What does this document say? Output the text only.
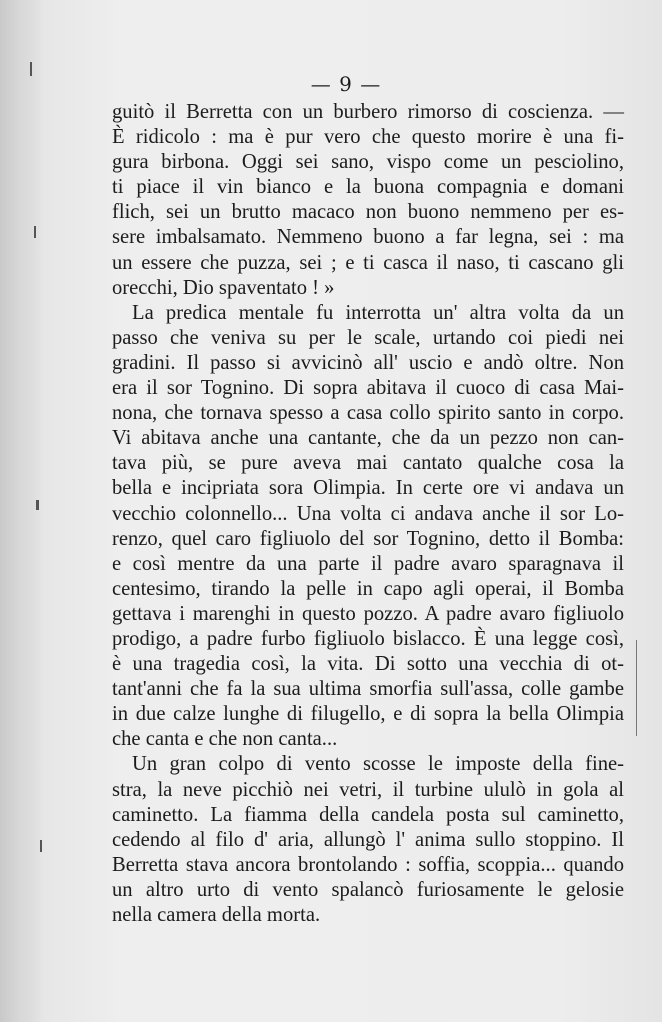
— 9 —
guitò il Berretta con un burbero rimorso di coscienza. —
È ridicolo : ma è pur vero che questo morire è una fi-
gura birbona. Oggi sei sano, vispo come un pesciolino,
ti piace il vin bianco e la buona compagnia e domani
flich, sei un brutto macaco non buono nemmeno per es-
sere imbalsamato. Nemmeno buono a far legna, sei : ma
un essere che puzza, sei ; e ti casca il naso, ti cascano gli
orecchi, Dio spaventato ! »
La predica mentale fu interrotta un' altra volta da un
passo che veniva su per le scale, urtando coi piedi nei
gradini. Il passo si avvicinò all' uscio e andò oltre. Non
era il sor Tognino. Di sopra abitava il cuoco di casa Mai-
nona, che tornava spesso a casa collo spirito santo in corpo.
Vi abitava anche una cantante, che da un pezzo non can-
tava più, se pure aveva mai cantato qualche cosa la
bella e incipriata sora Olimpia. In certe ore vi andava un
vecchio colonnello... Una volta ci andava anche il sor Lo-
renzo, quel caro figliuolo del sor Tognino, detto il Bomba:
e così mentre da una parte il padre avaro sparagnava il
centesimo, tirando la pelle in capo agli operai, il Bomba
gettava i marenghi in questo pozzo. A padre avaro figliuolo
prodigo, a padre furbo figliuolo bislacco. È una legge così,
è una tragedia così, la vita. Di sotto una vecchia di ot-
tant'anni che fa la sua ultima smorfia sull'assa, colle gambe
in due calze lunghe di filugello, e di sopra la bella Olimpia
che canta e che non canta...
Un gran colpo di vento scosse le imposte della fine-
stra, la neve picchiò nei vetri, il turbine ululò in gola al
caminetto. La fiamma della candela posta sul caminetto,
cedendo al filo d' aria, allungò l' anima sullo stoppino. Il
Berretta stava ancora brontolando : soffia, scoppia... quando
un altro urto di vento spalancò furiosamente le gelosie
nella camera della morta.
